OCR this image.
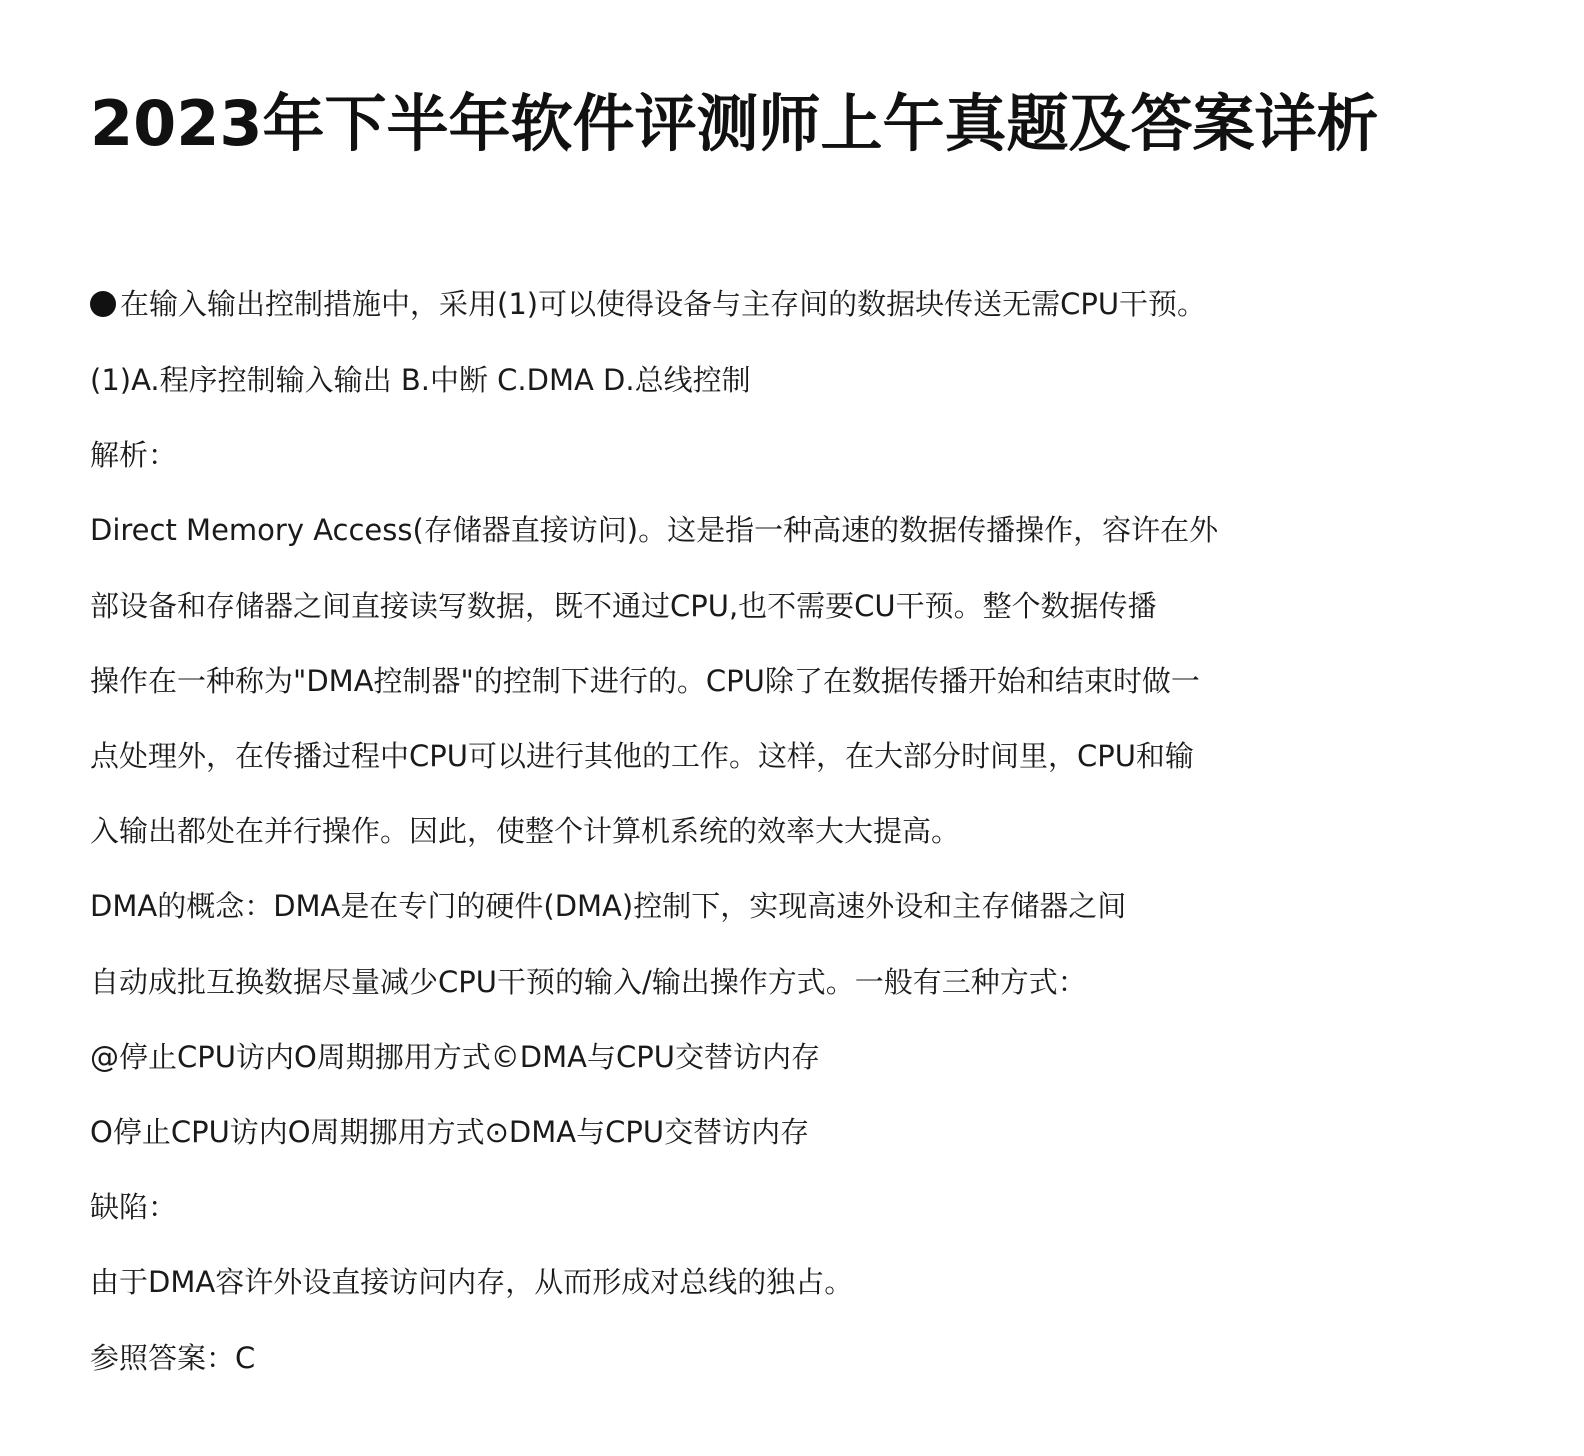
2023年下半年软件评测师上午真题及答案详析

在输入输出控制措施中，采用(1)可以使得设备与主存间的数据块传送无需CPU干预。

(1)A.程序控制输入输出 B.中断 C.DMA D.总线控制

解析：

Direct Memory Access(存储器直接访问)。这是指一种高速的数据传播操作，容许在外

部设备和存储器之间直接读写数据，既不通过CPU,也不需要CU干预。整个数据传播

操作在一种称为"DMA控制器"的控制下进行的。CPU除了在数据传播开始和结束时做一

点处理外，在传播过程中CPU可以进行其他的工作。这样，在大部分时间里，CPU和输

入输出都处在并行操作。因此，使整个计算机系统的效率大大提高。

DMA的概念：DMA是在专门的硬件(DMA)控制下，实现高速外设和主存储器之间

自动成批互换数据尽量减少CPU干预的输入/输出操作方式。一般有三种方式：

@停止CPU访内O周期挪用方式©DMA与CPU交替访内存

O停止CPU访内O周期挪用方式⊙DMA与CPU交替访内存

缺陷：

由于DMA容许外设直接访问内存，从而形成对总线的独占。

参照答案：C
